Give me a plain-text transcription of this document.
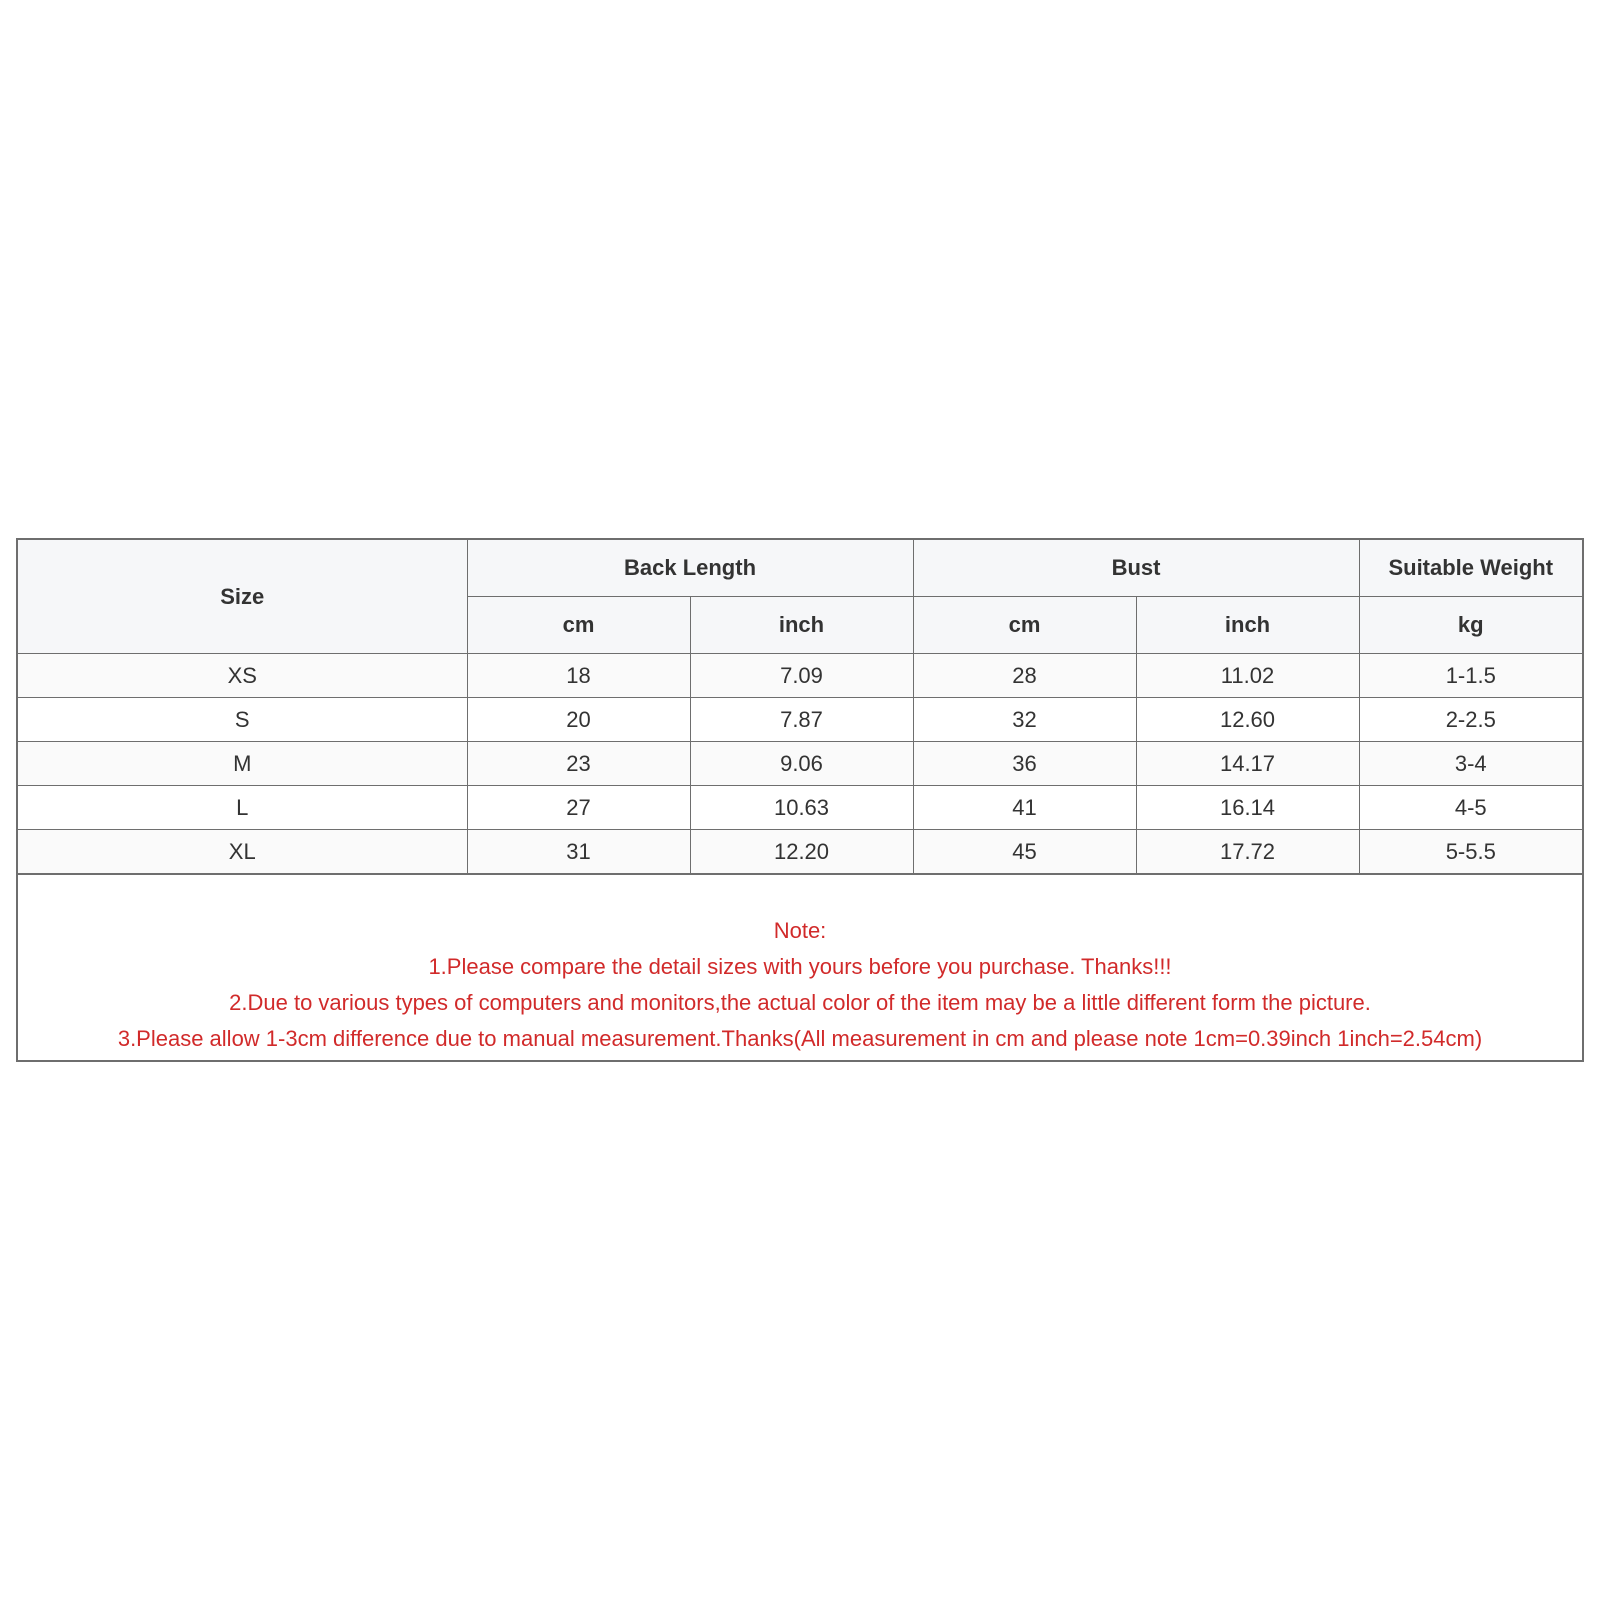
Size	Back Length		Bust		Suitable Weight
	cm	inch	cm	inch	kg
XS	18	7.09	28	11.02	1-1.5
S	20	7.87	32	12.60	2-2.5
M	23	9.06	36	14.17	3-4
L	27	10.63	41	16.14	4-5
XL	31	12.20	45	17.72	5-5.5
Note:
1.Please compare the detail sizes with yours before you purchase. Thanks!!!
2.Due to various types of computers and monitors,the actual color of the item may be a little different form the picture.
3.Please allow 1-3cm difference due to manual measurement.Thanks(All measurement in cm and please note 1cm=0.39inch 1inch=2.54cm)
